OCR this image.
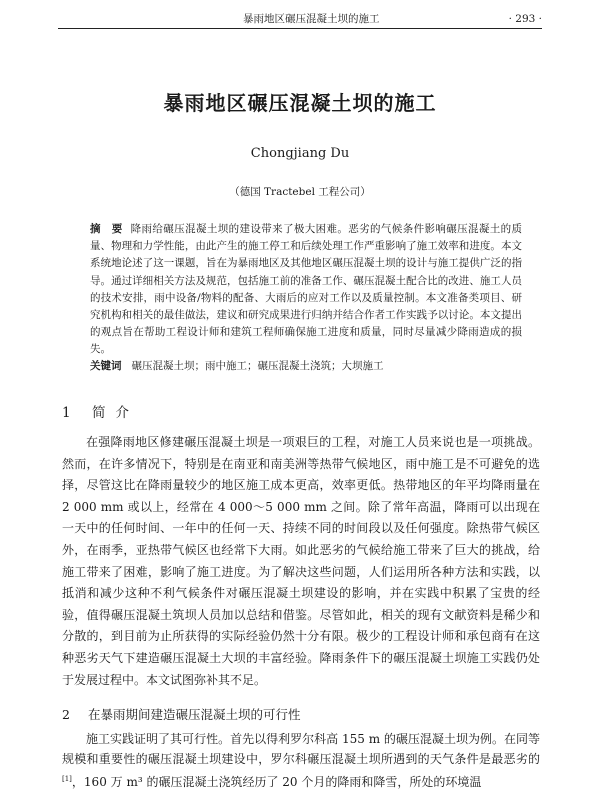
暴雨地区碾压混凝土坝的施工	· 293 ·
暴雨地区碾压混凝土坝的施工
Chongjiang Du
（德国 Tractebel 工程公司）

摘　要 降雨给碾压混凝土坝的建设带来了极大困难。恶劣的气候条件影响碾压混凝土的质量、物理和力学性能，由此产生的施工停工和后续处理工作严重影响了施工效率和进度。本文系统地论述了这一课题，旨在为暴雨地区及其他地区碾压混凝土坝的设计与施工提供广泛的指导。通过详细相关方法及规范，包括施工前的准备工作、碾压混凝土配合比的改进、施工人员的技术安排，雨中设备/物料的配备、大雨后的应对工作以及质量控制。本文准备类项目、研究机构和相关的最佳做法，建议和研究成果进行归纳并结合作者工作实践予以讨论。本文提出的观点旨在帮助工程设计师和建筑工程师确保施工进度和质量，同时尽量减少降雨造成的损失。

关键词 碾压混凝土坝；雨中施工；碾压混凝土浇筑；大坝施工

1 简介

在强降雨地区修建碾压混凝土坝是一项艰巨的工程，对施工人员来说也是一项挑战。然而，在许多情况下，特别是在南亚和南美洲等热带气候地区，雨中施工是不可避免的选择，尽管这比在降雨量较少的地区施工成本更高，效率更低。热带地区的年平均降雨量在 2 000 mm 或以上，经常在 4 000～5 000 mm 之间。除了常年高温，降雨可以出现在一天中的任何时间、一年中的任何一天、持续不同的时间段以及任何强度。除热带气候区外，在雨季，亚热带气候区也经常下大雨。如此恶劣的气候给施工带来了巨大的挑战，给施工带来了困难，影响了施工进度。为了解决这些问题，人们运用所各种方法和实践，以抵消和减少这种不利气候条件对碾压混凝土坝建设的影响，并在实践中积累了宝贵的经验，值得碾压混凝土筑坝人员加以总结和借鉴。尽管如此，相关的现有文献资料是稀少和分散的，到目前为止所获得的实际经验仍然十分有限。极少的工程设计师和承包商有在这种恶劣天气下建造碾压混凝土大坝的丰富经验。降雨条件下的碾压混凝土坝施工实践仍处于发展过程中。本文试图弥补其不足。

2 在暴雨期间建造碾压混凝土坝的可行性

施工实践证明了其可行性。首先以得利罗尔科高 155 m 的碾压混凝土坝为例。在同等规模和重要性的碾压混凝土坝建设中，罗尔科碾压混凝土坝所遇到的天气条件是最恶劣的[1]，160 万 m³ 的碾压混凝土浇筑经历了 20 个月的降雨和降雪，所处的环境温
